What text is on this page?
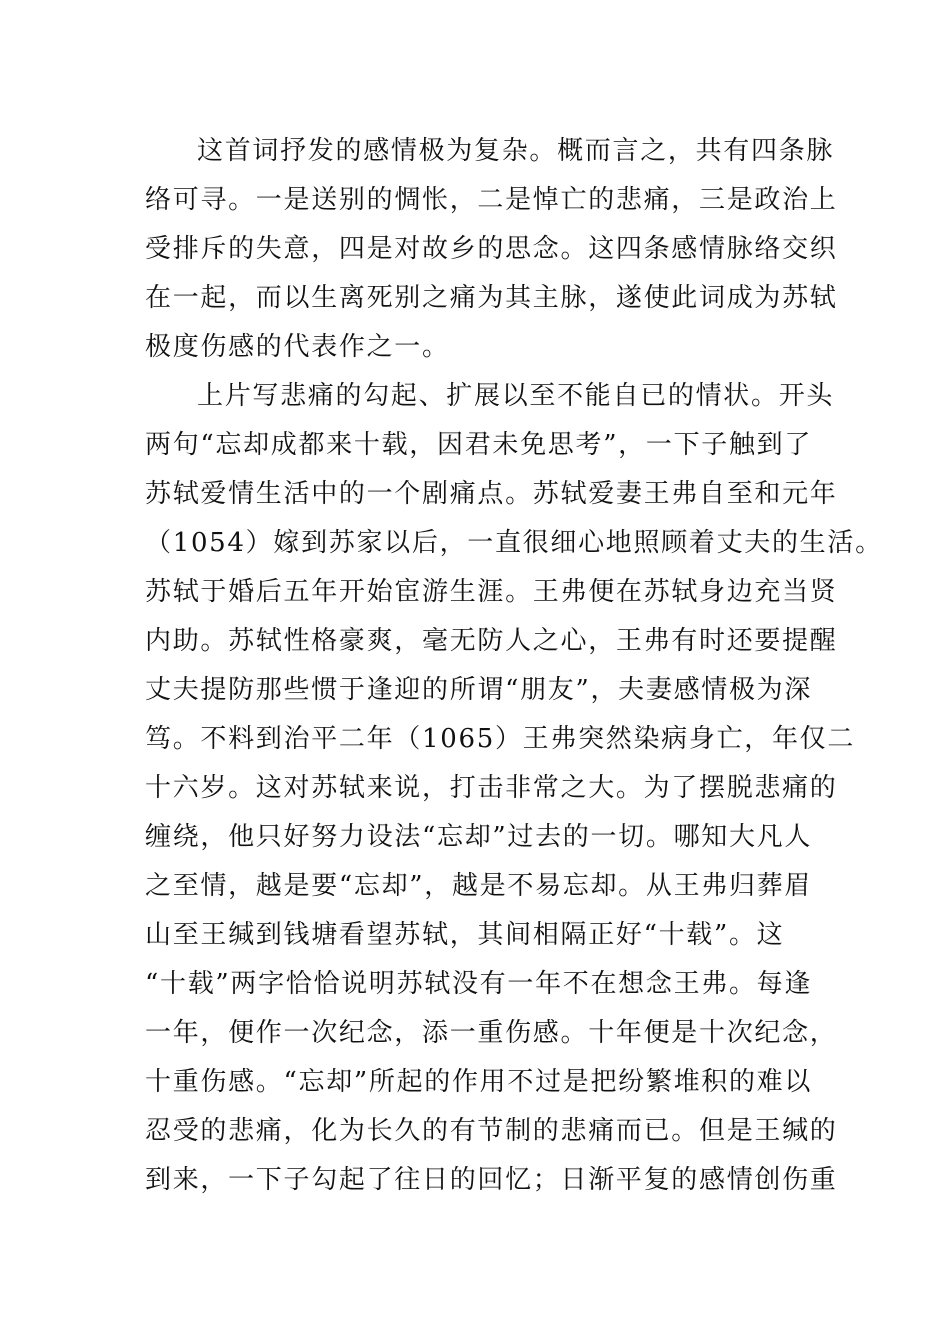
这首词抒发的感情极为复杂。概而言之，共有四条脉
络可寻。一是送别的惆怅，二是悼亡的悲痛，三是政治上
受排斥的失意，四是对故乡的思念。这四条感情脉络交织
在一起，而以生离死别之痛为其主脉，遂使此词成为苏轼
极度伤感的代表作之一。
上片写悲痛的勾起、扩展以至不能自已的情状。开头
两句“忘却成都来十载，因君未免思考”，一下子触到了
苏轼爱情生活中的一个剧痛点。苏轼爱妻王弗自至和元年
（1054）嫁到苏家以后，一直很细心地照顾着丈夫的生活。
苏轼于婚后五年开始宦游生涯。王弗便在苏轼身边充当贤
内助。苏轼性格豪爽，毫无防人之心，王弗有时还要提醒
丈夫提防那些惯于逢迎的所谓“朋友”，夫妻感情极为深
笃。不料到治平二年（1065）王弗突然染病身亡，年仅二
十六岁。这对苏轼来说，打击非常之大。为了摆脱悲痛的
缠绕，他只好努力设法“忘却”过去的一切。哪知大凡人
之至情，越是要“忘却”，越是不易忘却。从王弗归葬眉
山至王缄到钱塘看望苏轼，其间相隔正好“十载”。这
“十载”两字恰恰说明苏轼没有一年不在想念王弗。每逢
一年，便作一次纪念，添一重伤感。十年便是十次纪念，
十重伤感。“忘却”所起的作用不过是把纷繁堆积的难以
忍受的悲痛，化为长久的有节制的悲痛而已。但是王缄的
到来，一下子勾起了往日的回忆；日渐平复的感情创伤重
